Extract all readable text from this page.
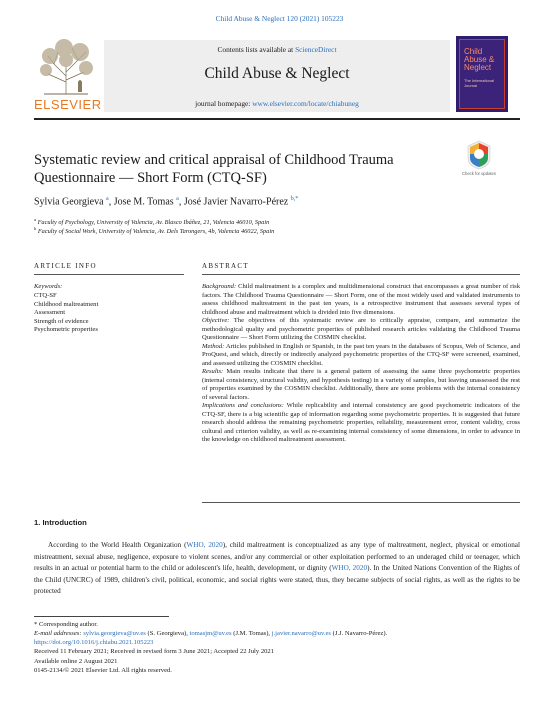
Child Abuse & Neglect 120 (2021) 105223
ELSEVIER
Contents lists available at ScienceDirect
Child Abuse & Neglect
journal homepage: www.elsevier.com/locate/chiabuneg
Child Abuse & Neglect
The International Journal
Systematic review and critical appraisal of Childhood Trauma Questionnaire — Short Form (CTQ-SF)	Check for updates
Sylvia Georgieva $^a$, Jose M. Tomas $^a$, José Javier Navarro-Pérez $^{b,*}$
$^a$ Faculty of Psychology, University of Valencia, Av. Blasco Ibáñez, 21, Valencia 46010, Spain
$^b$ Faculty of Social Work, University of Valencia, Av. Dels Tarongers, 4b, Valencia 46022, Spain
ARTICLE INFO	ABSTRACT
Keywords:
CTQ-SF
Childhood maltreatment
Assessment
Strength of evidence
Psychometric properties

Background: Child maltreatment is a complex and multidimensional construct that encompasses a great number of risk factors. The Childhood Trauma Questionnaire — Short Form, one of the most widely used and validated instruments to assess childhood maltreatment in the past ten years, is a retrospective instrument that assesses several types of childhood abuse and maltreatment which is divided into five dimensions.

Objective: The objectives of this systematic review are to critically appraise, compare, and summarize the methodological quality and psychometric properties of published research articles validating the Childhood Trauma Questionnaire — Short Form utilizing the COSMIN checklist.

Method: Articles published in English or Spanish, in the past ten years in the databases of Scopus, Web of Science, and ProQuest, and which, directly or indirectly analyzed psychometric properties of the CTQ-SF were screened, examined, and assessed utilizing the COSMIN checklist.

Results: Main results indicate that there is a general pattern of assessing the same three psychometric properties (internal consistency, structural validity, and hypothesis testing) in a variety of samples, but leaving unassessed the rest of properties examined by the COSMIN checklist. Additionally, there are some problems with the internal consistency of several factors.

Implications and conclusions: While replicability and internal consistency are good psychometric indicators of the CTQ-SF, there is a big scientific gap of information regarding some psychometric properties. It is suggested that future research should address the remaining psychometric properties, reliability, measurement error, content validity, cross cultural and criterion validity, as well as re-examining internal consistency of some dimensions, in order to advance in the knowledge on childhood maltreatment assessment.

1. Introduction

According to the World Health Organization (WHO, 2020), child maltreatment is conceptualized as any type of maltreatment, neglect, physical or emotional mistreatment, sexual abuse, negligence, exposure to violent scenes, and/or any commercial or other exploitation performed to an underaged child or teenager, which results in an actual or potential harm to the child or adolescent's life, health, development, or dignity (WHO, 2020). In the United Nations Convention of the Rights of the Child (UNCRC) of 1989, children's civil, political, economic, and social rights were stated, thus, they became subjects of social rights, as well as the rights to be protected

* Corresponding author.
E-mail addresses: sylvia.georgieva@uv.es (S. Georgieva), tomasjm@uv.es (J.M. Tomas), j.javier.navarro@uv.es (J.J. Navarro-Pérez).
https://doi.org/10.1016/j.chiabu.2021.105223
Received 11 February 2021; Received in revised form 3 June 2021; Accepted 22 July 2021
Available online 2 August 2021
0145-2134/© 2021 Elsevier Ltd. All rights reserved.
